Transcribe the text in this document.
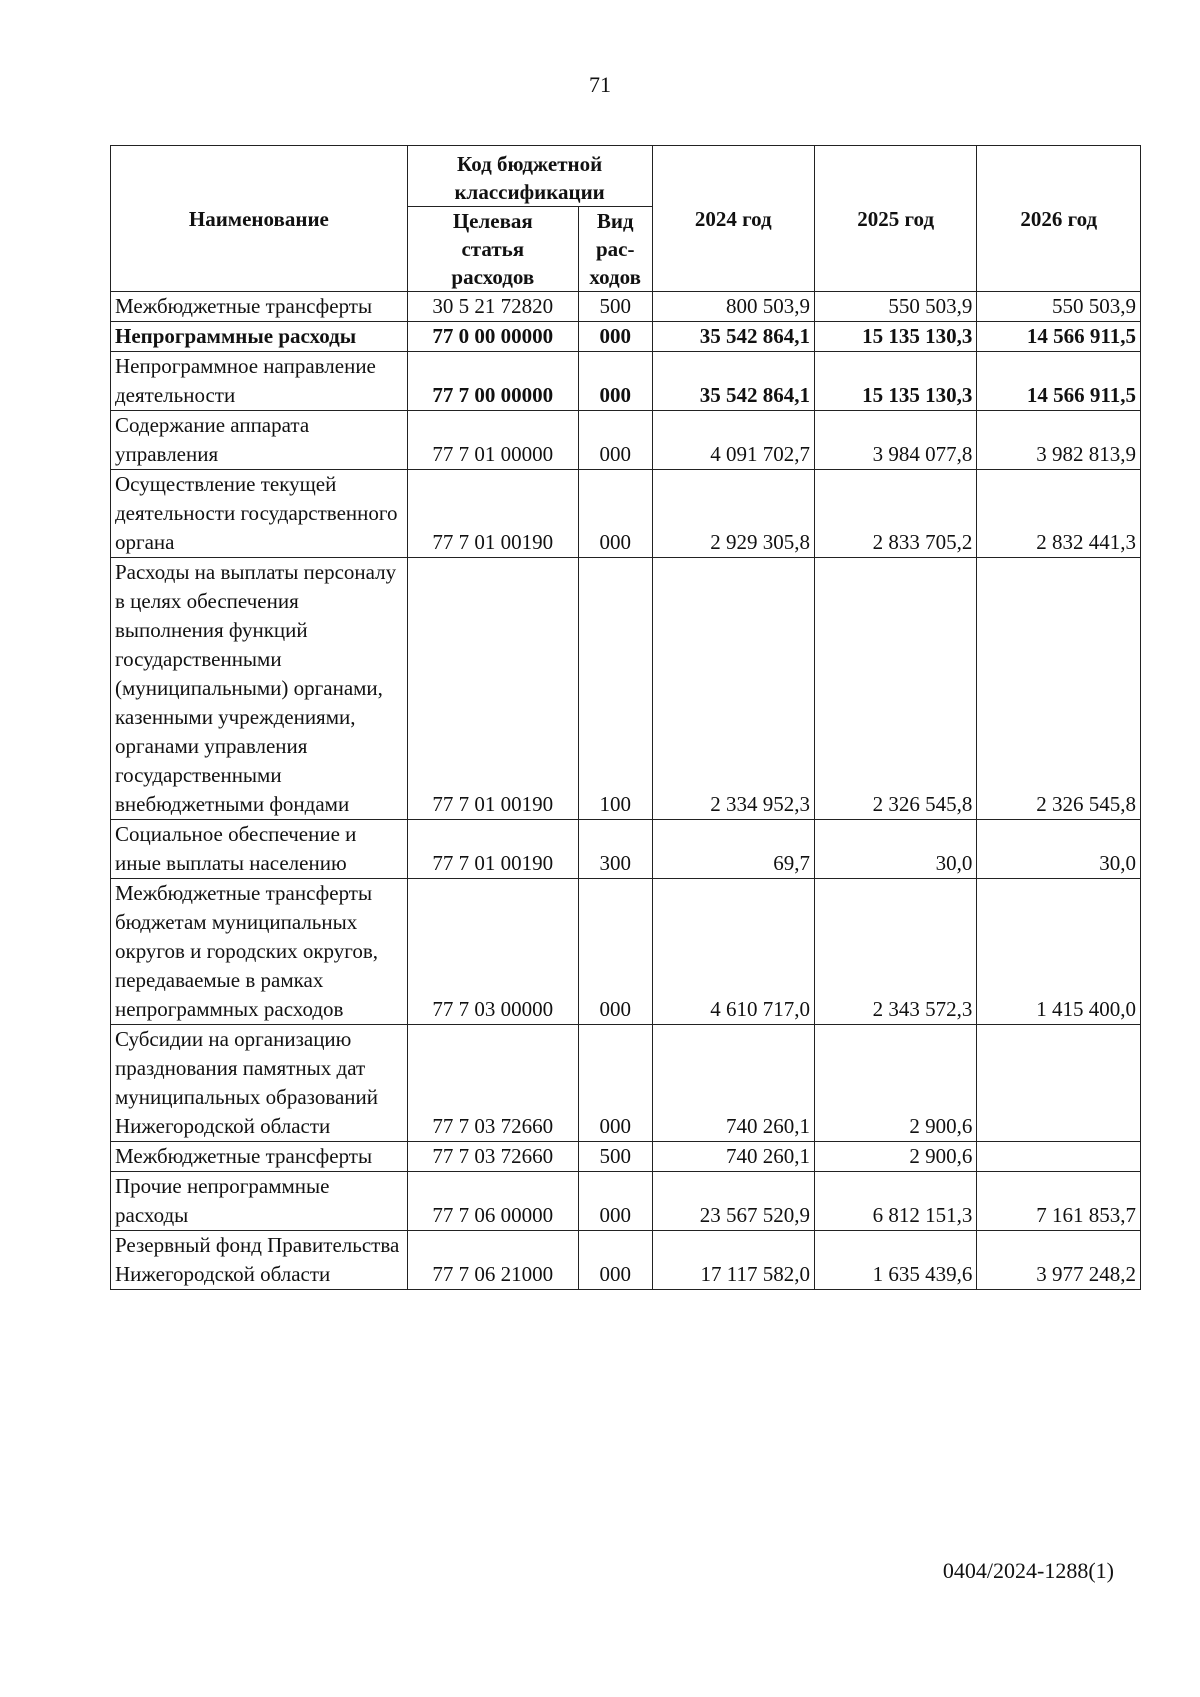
71
Наименование	Код бюджетной классификации		2024 год	2025 год	2026 год
	Целевая статья расходов	Вид рас-ходов			
Межбюджетные трансферты	30 5 21 72820	500	800 503,9	550 503,9	550 503,9
Непрограммные расходы	77 0 00 00000	000	35 542 864,1	15 135 130,3	14 566 911,5
Непрограммное направление деятельности	77 7 00 00000	000	35 542 864,1	15 135 130,3	14 566 911,5
Содержание аппарата управления	77 7 01 00000	000	4 091 702,7	3 984 077,8	3 982 813,9
Осуществление текущей деятельности государственного органа	77 7 01 00190	000	2 929 305,8	2 833 705,2	2 832 441,3
Расходы на выплаты персоналу в целях обеспечения выполнения функций государственными (муниципальными) органами, казенными учреждениями, органами управления государственными внебюджетными фондами	77 7 01 00190	100	2 334 952,3	2 326 545,8	2 326 545,8
Социальное обеспечение и иные выплаты населению	77 7 01 00190	300	69,7	30,0	30,0
Межбюджетные трансферты бюджетам муниципальных округов и городских округов, передаваемые в рамках непрограммных расходов	77 7 03 00000	000	4 610 717,0	2 343 572,3	1 415 400,0
Субсидии на организацию празднования памятных дат муниципальных образований Нижегородской области	77 7 03 72660	000	740 260,1	2 900,6	
Межбюджетные трансферты	77 7 03 72660	500	740 260,1	2 900,6	
Прочие непрограммные расходы	77 7 06 00000	000	23 567 520,9	6 812 151,3	7 161 853,7
Резервный фонд Правительства Нижегородской области	77 7 06 21000	000	17 117 582,0	1 635 439,6	3 977 248,2
0404/2024-1288(1)
